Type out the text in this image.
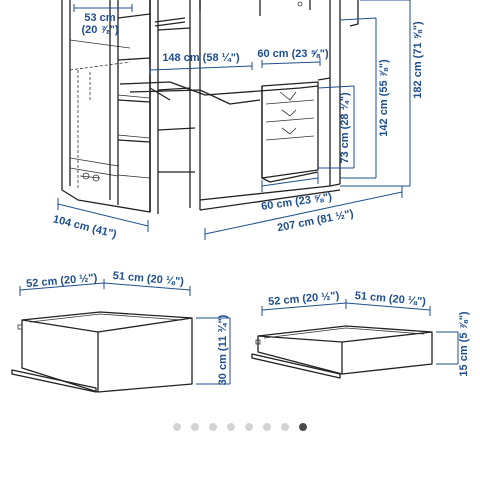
53 cm
(20 ⅞")
148 cm (58 ¼") 60 cm (23 ⅝")
73 cm (28 ¾") 142 cm (55 ⅞") 182 cm (71 ⅝")
60 cm (23 ⅝")
207 cm (81 ½")
104 cm (41")
52 cm (20 ½") 51 cm (20 ⅛")
30 cm (11 ¾")
52 cm (20 ½") 51 cm (20 ⅛")
15 cm (5 ⅞")
